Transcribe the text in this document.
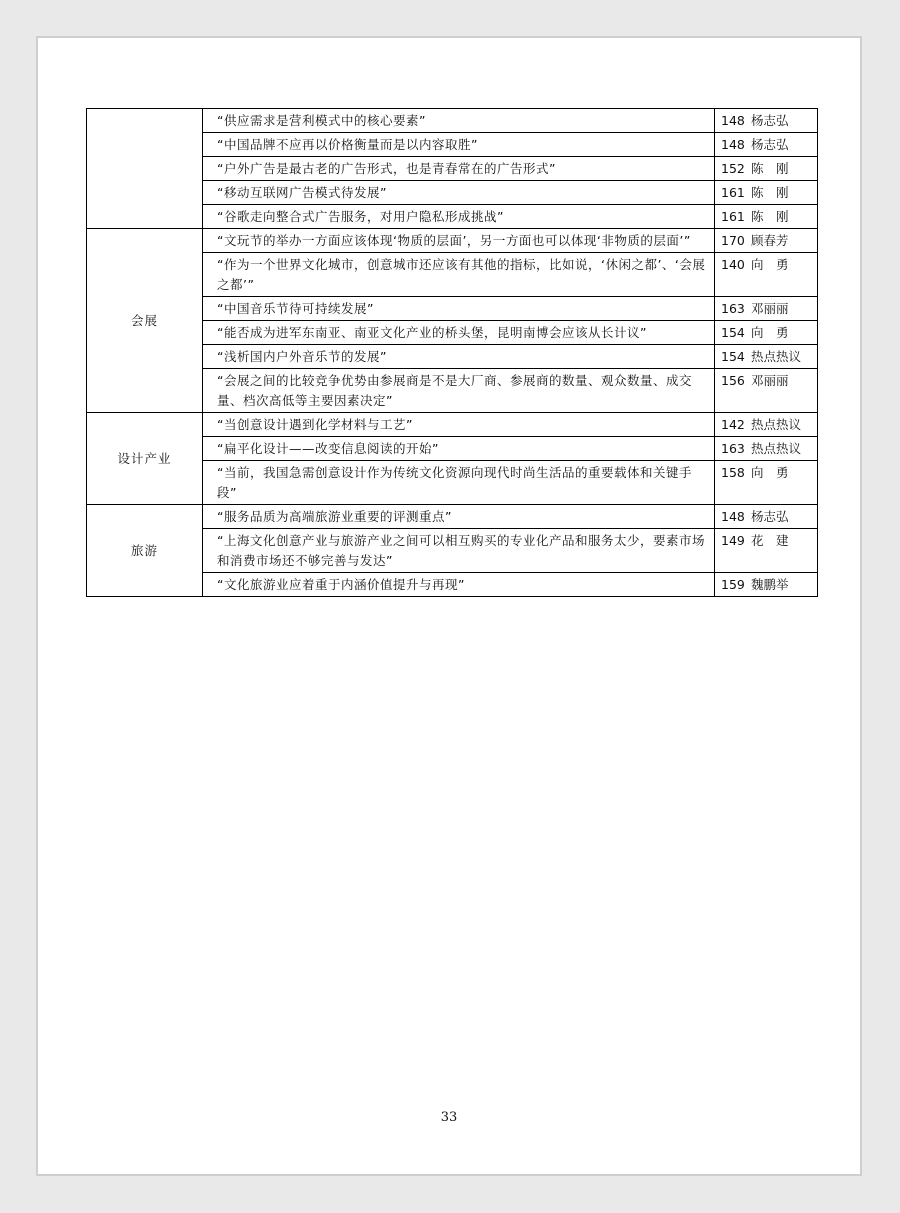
	“供应需求是营利模式中的核心要素”	148 杨志弘
	“中国品牌不应再以价格衡量而是以内容取胜”	148 杨志弘
	“户外广告是最古老的广告形式，也是青春常在的广告形式”	152 陈　刚
	“移动互联网广告模式待发展”	161 陈　刚
	“谷歌走向整合式广告服务，对用户隐私形成挑战”	161 陈　刚
会展	“文玩节的举办一方面应该体现‘物质的层面’，另一方面也可以体现‘非物质的层面’”	170 顾春芳
	“作为一个世界文化城市，创意城市还应该有其他的指标，比如说，‘休闲之都’、‘会展之都’”	140 向　勇
	“中国音乐节待可持续发展”	163 邓丽丽
	“能否成为进军东南亚、南亚文化产业的桥头堡，昆明南博会应该从长计议”	154 向　勇
	“浅析国内户外音乐节的发展”	154 热点热议
	“会展之间的比较竞争优势由参展商是不是大厂商、参展商的数量、观众数量、成交量、档次高低等主要因素决定”	156 邓丽丽
设计产业	“当创意设计遇到化学材料与工艺”	142 热点热议
	“扁平化设计——改变信息阅读的开始”	163 热点热议
	“当前，我国急需创意设计作为传统文化资源向现代时尚生活品的重要载体和关键手段”	158 向　勇
旅游	“服务品质为高端旅游业重要的评测重点”	148 杨志弘
	“上海文化创意产业与旅游产业之间可以相互购买的专业化产品和服务太少，要素市场和消费市场还不够完善与发达”	149 花　建
	“文化旅游业应着重于内涵价值提升与再现”	159 魏鹏举
33
